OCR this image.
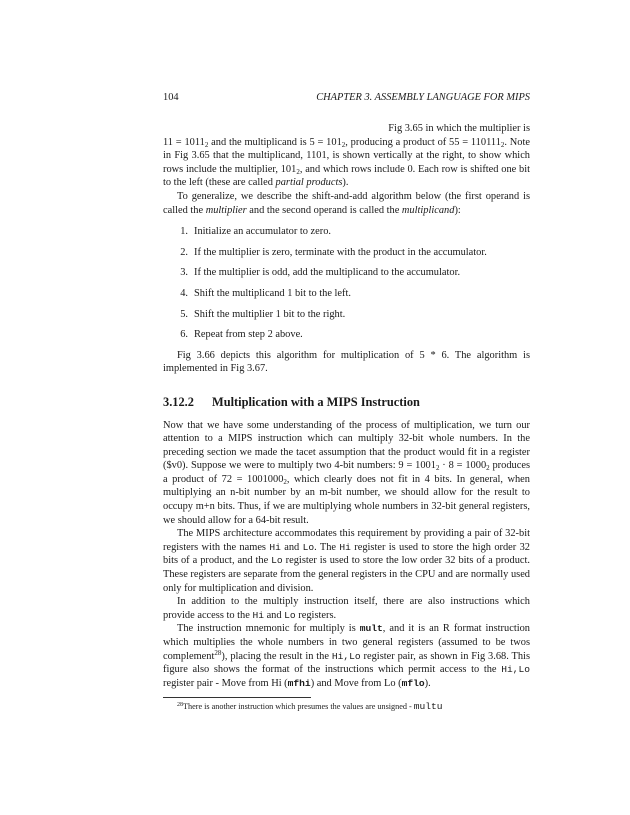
104	CHAPTER 3. ASSEMBLY LANGUAGE FOR MIPS

Fig 3.65 in which the multiplier is

$11 = 1011_2$ and the multiplicand is $5 = 101_2$, producing a product of $55 = 110111_2$. Note in Fig 3.65 that the multiplicand, 1101, is shown vertically at the right, to show which rows include the multiplier, $101_2$, and which rows include 0. Each row is shifted one bit to the left (these are called partial products).

To generalize, we describe the shift-and-add algorithm below (the first operand is called the multiplier and the second operand is called the multiplicand):

1. Initialize an accumulator to zero.
2. If the multiplier is zero, terminate with the product in the accumulator.
3. If the multiplier is odd, add the multiplicand to the accumulator.
4. Shift the multiplicand 1 bit to the left.
5. Shift the multiplier 1 bit to the right.
6. Repeat from step 2 above.

Fig 3.66 depicts this algorithm for multiplication of 5 * 6. The algorithm is implemented in Fig 3.67.

3.12.2	Multiplication with a MIPS Instruction

Now that we have some understanding of the process of multiplication, we turn our attention to a MIPS instruction which can multiply 32-bit whole numbers. In the preceding section we made the tacet assumption that the product would fit in a register ($v0). Suppose we were to multiply two 4-bit numbers: $9 = 1001_2 \cdot 8 = 1000_2$ produces a product of $72 = 1001000_2$, which clearly does not fit in 4 bits. In general, when multiplying an n-bit number by an m-bit number, we should allow for the result to occupy m+n bits. Thus, if we are multiplying whole numbers in 32-bit general registers, we should allow for a 64-bit result.

The MIPS architecture accommodates this requirement by providing a pair of 32-bit registers with the names Hi and Lo. The Hi register is used to store the high order 32 bits of a product, and the Lo register is used to store the low order 32 bits of a product. These registers are separate from the general registers in the CPU and are normally used only for multiplication and division.

In addition to the multiply instruction itself, there are also instructions which provide access to the Hi and Lo registers.

The instruction mnemonic for multiply is mult, and it is an R format instruction which multiplies the whole numbers in two general registers (assumed to be twos complement$^{28}$), placing the result in the Hi,Lo register pair, as shown in Fig 3.68. This figure also shows the format of the instructions which permit access to the Hi,Lo register pair - Move from Hi (mfhi) and Move from Lo (mflo).

$^{28}$There is another instruction which presumes the values are unsigned - multu
